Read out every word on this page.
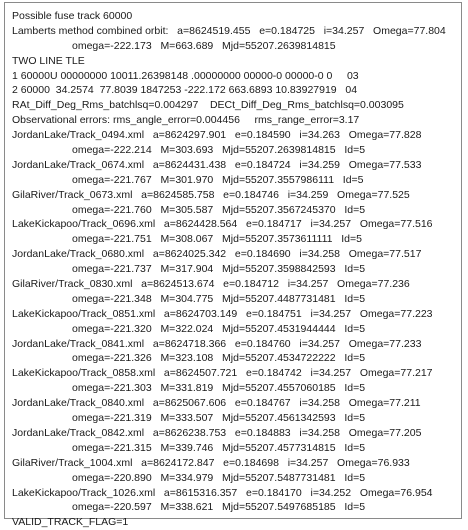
Possible fuse track 60000
Lamberts method combined orbit:   a=8624519.455   e=0.184725   i=34.257   Omega=77.804
omega=-222.173   M=663.689   Mjd=55207.2639814815
TWO LINE TLE
1 60000U 00000000 10011.26398148 .00000000 00000-0 00000-0 0     03
2 60000  34.2574  77.8039 1847253 -222.172 663.6893 10.83927919   04
RAt_Diff_Deg_Rms_batchlsq=0.004297    DECt_Diff_Deg_Rms_batchlsq=0.003095
Observational errors: rms_angle_error=0.004456     rms_range_error=3.17
JordanLake/Track_0494.xml   a=8624297.901   e=0.184590   i=34.263   Omega=77.828
omega=-222.214   M=303.693   Mjd=55207.2639814815   Id=5
JordanLake/Track_0674.xml   a=8624431.438   e=0.184724   i=34.259   Omega=77.533
omega=-221.767   M=301.970   Mjd=55207.3557986111   Id=5
GilaRiver/Track_0673.xml   a=8624585.758   e=0.184746   i=34.259   Omega=77.525
omega=-221.760   M=305.587   Mjd=55207.3567245370   Id=5
LakeKickapoo/Track_0696.xml   a=8624428.564   e=0.184717   i=34.257   Omega=77.516
omega=-221.751   M=308.067   Mjd=55207.3573611111   Id=5
JordanLake/Track_0680.xml   a=8624025.342   e=0.184690   i=34.258   Omega=77.517
omega=-221.737   M=317.904   Mjd=55207.3598842593   Id=5
GilaRiver/Track_0830.xml   a=8624513.674   e=0.184712   i=34.257   Omega=77.236
omega=-221.348   M=304.775   Mjd=55207.4487731481   Id=5
LakeKickapoo/Track_0851.xml   a=8624703.149   e=0.184751   i=34.257   Omega=77.223
omega=-221.320   M=322.024   Mjd=55207.4531944444   Id=5
JordanLake/Track_0841.xml   a=8624718.366   e=0.184760   i=34.257   Omega=77.233
omega=-221.326   M=323.108   Mjd=55207.4534722222   Id=5
LakeKickapoo/Track_0858.xml   a=8624507.721   e=0.184742   i=34.257   Omega=77.217
omega=-221.303   M=331.819   Mjd=55207.4557060185   Id=5
JordanLake/Track_0840.xml   a=8625067.606   e=0.184767   i=34.258   Omega=77.211
omega=-221.319   M=333.507   Mjd=55207.4561342593   Id=5
JordanLake/Track_0842.xml   a=8626238.753   e=0.184883   i=34.258   Omega=77.205
omega=-221.315   M=339.746   Mjd=55207.4577314815   Id=5
GilaRiver/Track_1004.xml   a=8624172.847   e=0.184698   i=34.257   Omega=76.933
omega=-220.890   M=334.979   Mjd=55207.5487731481   Id=5
LakeKickapoo/Track_1026.xml   a=8615316.357   e=0.184170   i=34.252   Omega=76.954
omega=-220.597   M=338.621   Mjd=55207.5497685185   Id=5
VALID_TRACK_FLAG=1
